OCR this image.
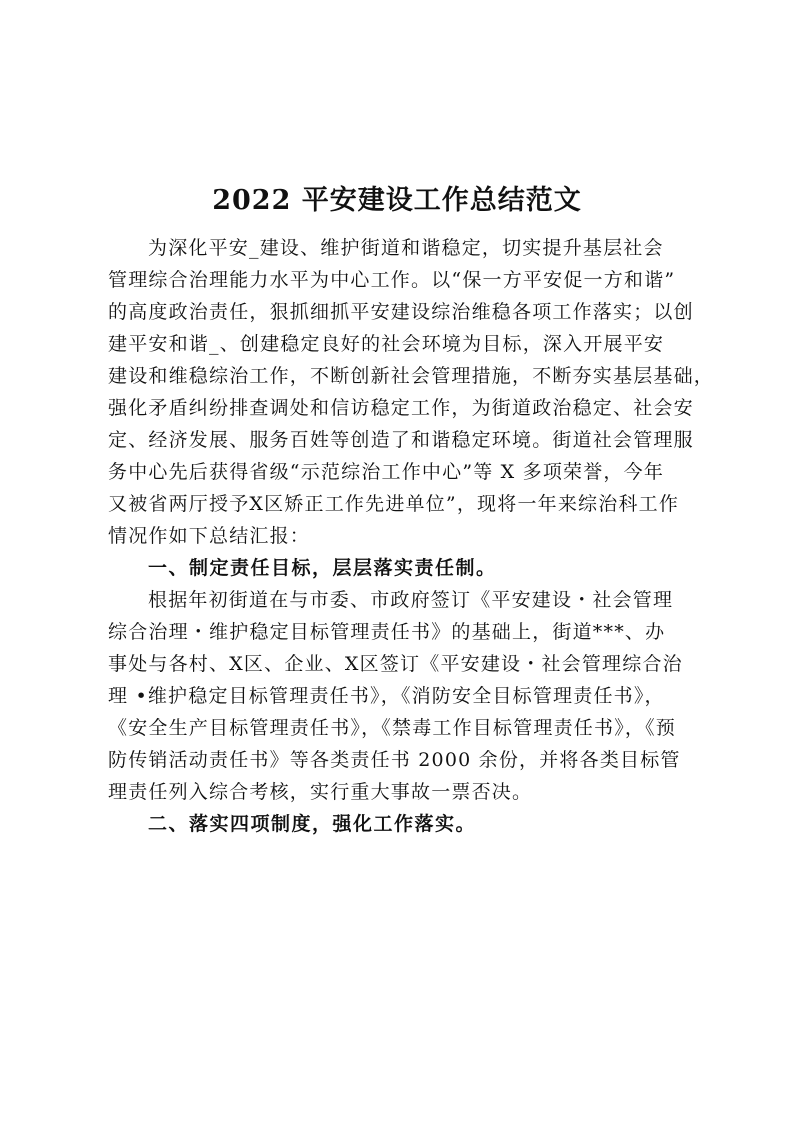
2022 平安建设工作总结范文
为深化平安_建设、维护街道和谐稳定，切实提升基层社会
管理综合治理能力水平为中心工作。以“保一方平安促一方和谐”
的高度政治责任，狠抓细抓平安建设综治维稳各项工作落实；以创
建平安和谐_、创建稳定良好的社会环境为目标，深入开展平安
建设和维稳综治工作，不断创新社会管理措施，不断夯实基层基础，
强化矛盾纠纷排查调处和信访稳定工作，为街道政治稳定、社会安
定、经济发展、服务百姓等创造了和谐稳定环境。街道社会管理服
务中心先后获得省级“示范综治工作中心”等 X 多项荣誉，今年
又被省两厅授予X区矫正工作先进单位”，现将一年来综治科工作
情况作如下总结汇报：
一、制定责任目标，层层落实责任制。
根据年初街道在与市委、市政府签订《平安建设・社会管理
综合治理・维护稳定目标管理责任书》的基础上，街道***、办
事处与各村、X区、企业、X区签订《平安建设・社会管理综合治
理 •维护稳定目标管理责任书》，《消防安全目标管理责任书》，
《安全生产目标管理责任书》，《禁毒工作目标管理责任书》，《预
防传销活动责任书》等各类责任书 2000 余份，并将各类目标管
理责任列入综合考核，实行重大事故一票否决。
二、落实四项制度，强化工作落实。
